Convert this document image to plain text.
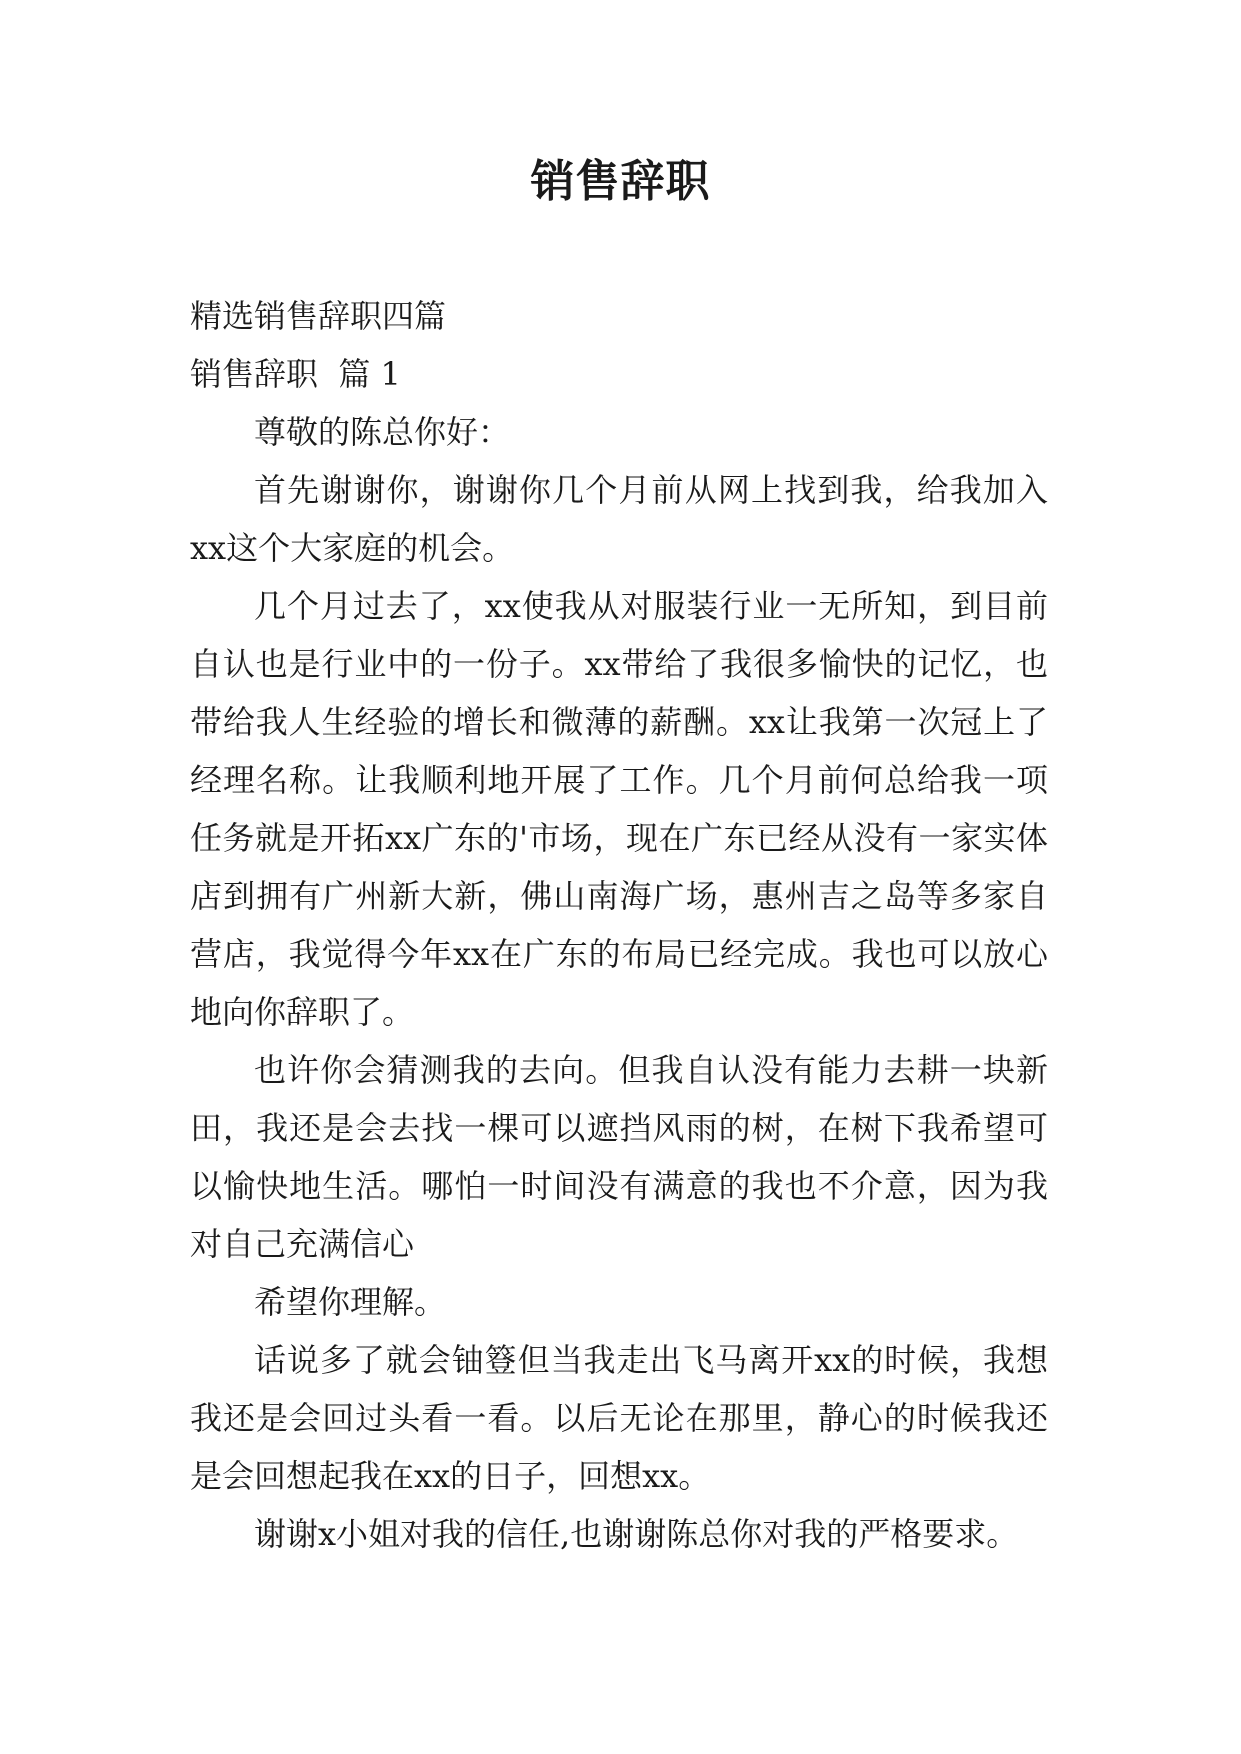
销售辞职

精选销售辞职四篇

销售辞职  篇 1

尊敬的陈总你好：

首先谢谢你，谢谢你几个月前从网上找到我，给我加入xx这个大家庭的机会。

几个月过去了，xx使我从对服装行业一无所知，到目前自认也是行业中的一份子。xx带给了我很多愉快的记忆，也带给我人生经验的增长和微薄的薪酬。xx让我第一次冠上了经理名称。让我顺利地开展了工作。几个月前何总给我一项任务就是开拓xx广东的'市场，现在广东已经从没有一家实体店到拥有广州新大新，佛山南海广场，惠州吉之岛等多家自营店，我觉得今年xx在广东的布局已经完成。我也可以放心地向你辞职了。

也许你会猜测我的去向。但我自认没有能力去耕一块新田，我还是会去找一棵可以遮挡风雨的树，在树下我希望可以愉快地生活。哪怕一时间没有满意的我也不介意，因为我对自己充满信心

希望你理解。

话说多了就会铀簦但当我走出飞马离开xx的时候，我想我还是会回过头看一看。以后无论在那里，静心的时候我还是会回想起我在xx的日子，回想xx。

谢谢x小姐对我的信任,也谢谢陈总你对我的严格要求。
